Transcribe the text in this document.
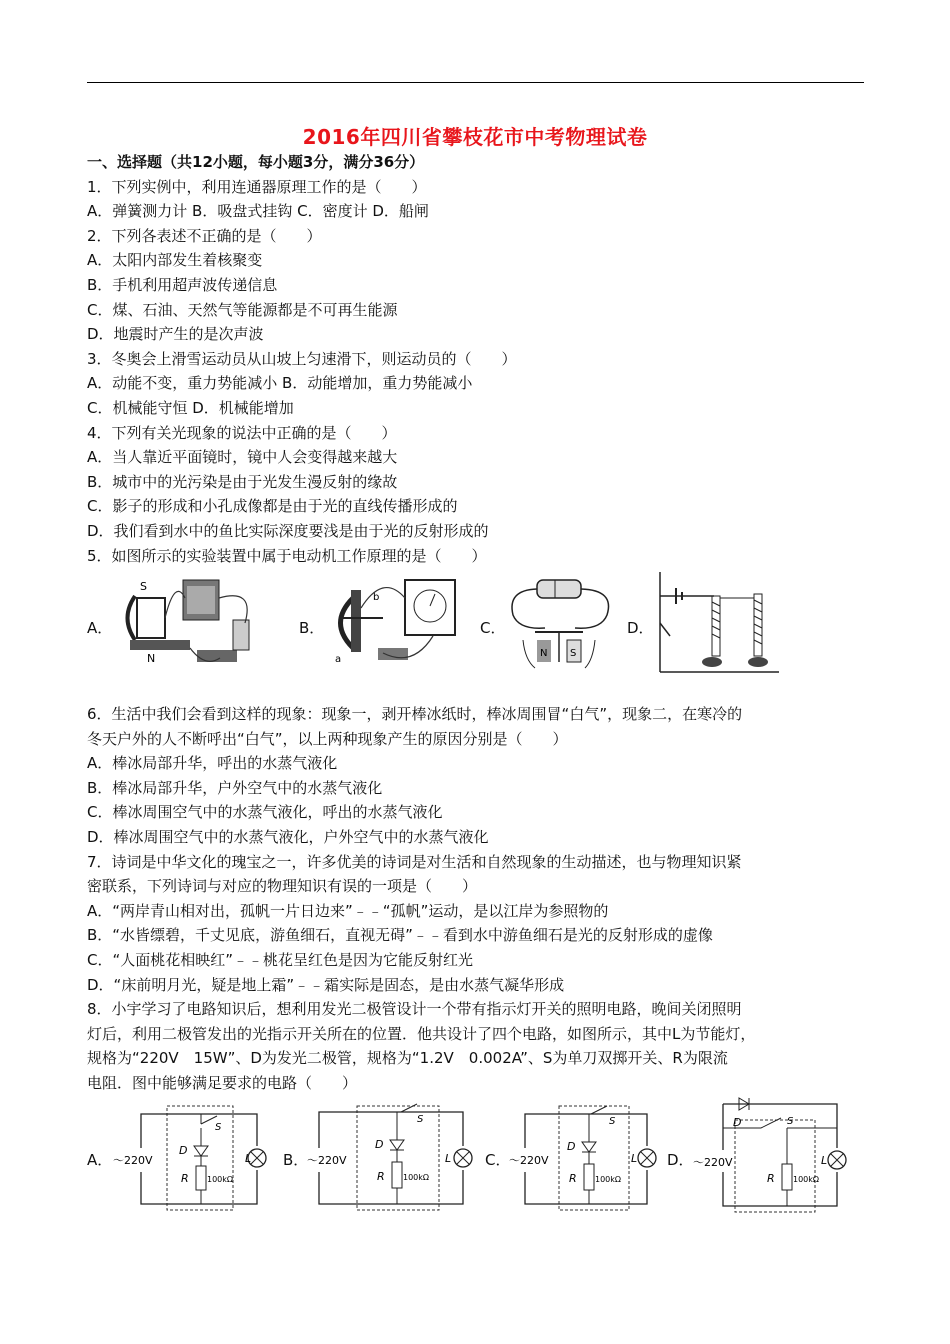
2016年四川省攀枝花市中考物理试卷
一、选择题（共12小题，每小题3分，满分36分）
1．下列实例中，利用连通器原理工作的是（　　）
A．弹簧测力计 B．吸盘式挂钩 C．密度计 D．船闸
2．下列各表述不正确的是（　　）
A．太阳内部发生着核聚变
B．手机利用超声波传递信息
C．煤、石油、天然气等能源都是不可再生能源
D．地震时产生的是次声波
3．冬奥会上滑雪运动员从山坡上匀速滑下，则运动员的（　　）
A．动能不变，重力势能减小 B．动能增加，重力势能减小
C．机械能守恒 D．机械能增加
4．下列有关光现象的说法中正确的是（　　）
A．当人靠近平面镜时，镜中人会变得越来越大
B．城市中的光污染是由于光发生漫反射的缘故
C．影子的形成和小孔成像都是由于光的直线传播形成的
D．我们看到水中的鱼比实际深度要浅是由于光的反射形成的
5．如图所示的实验装置中属于电动机工作原理的是（　　）
A．
S
N
B．
a
b
C．
N S
D．
6．生活中我们会看到这样的现象：现象一，剥开棒冰纸时，棒冰周围冒“白气”，现象二，在寒冷的
冬天户外的人不断呼出“白气”，以上两种现象产生的原因分别是（　　）
A．棒冰局部升华，呼出的水蒸气液化
B．棒冰局部升华，户外空气中的水蒸气液化
C．棒冰周围空气中的水蒸气液化，呼出的水蒸气液化
D．棒冰周围空气中的水蒸气液化，户外空气中的水蒸气液化
7．诗词是中华文化的瑰宝之一，许多优美的诗词是对生活和自然现象的生动描述，也与物理知识紧
密联系，下列诗词与对应的物理知识有误的一项是（　　）
A．“两岸青山相对出，孤帆一片日边来”﹣﹣“孤帆”运动，是以江岸为参照物的
B．“水皆缥碧，千丈见底，游鱼细石，直视无碍”﹣﹣看到水中游鱼细石是光的反射形成的虚像
C．“人面桃花相映红”﹣﹣桃花呈红色是因为它能反射红光
D．“床前明月光，疑是地上霜”﹣﹣霜实际是固态，是由水蒸气凝华形成
8．小宇学习了电路知识后，想利用发光二极管设计一个带有指示灯开关的照明电路，晚间关闭照明
灯后，利用二极管发出的光指示开关所在的位置．他共设计了四个电路，如图所示，其中L为节能灯，
规格为“220V　15W”、D为发光二极管，规格为“1.2V　0.002A”、S为单刀双掷开关、R为限流
电阻．图中能够满足要求的电路（　　）
A． ～220V	L
S
D
R 100kΩ
B．
～220V	L
S
D
R 100kΩ
C．
～220V	L
S
D
R 100kΩ
D． ～220V	L
D	S
R 100kΩ
